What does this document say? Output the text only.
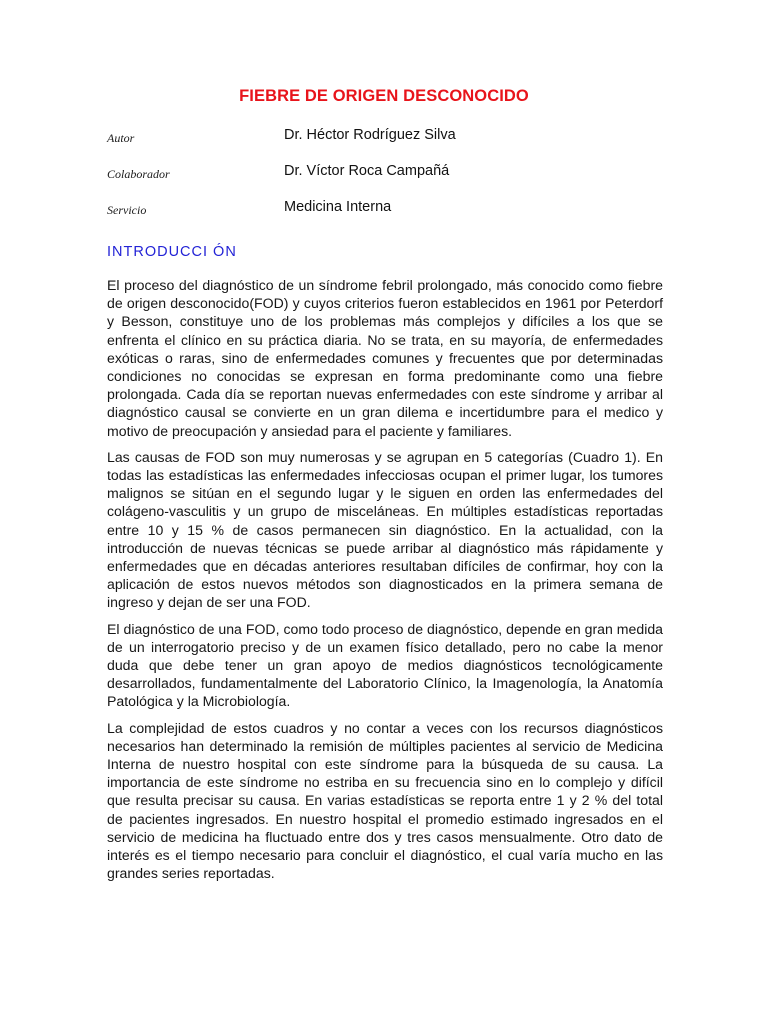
FIEBRE DE ORIGEN DESCONOCIDO
Autor	Dr. Héctor Rodríguez Silva
Colaborador	Dr. Víctor Roca Campañá
Servicio	Medicina Interna
INTRODUCCI ÓN

El proceso del diagnóstico de un síndrome febril prolongado, más conocido como fiebre de origen desconocido(FOD) y cuyos criterios fueron establecidos en 1961 por Peterdorf y Besson, constituye uno de los problemas más complejos y difíciles a los que se enfrenta el clínico en su práctica diaria. No se trata, en su mayoría, de enfermedades exóticas o raras, sino de enfermedades comunes y frecuentes que por determinadas condiciones no conocidas se expresan en forma predominante como una fiebre prolongada. Cada día se reportan nuevas enfermedades con este síndrome y arribar al diagnóstico causal se convierte en un gran dilema e incertidumbre para el medico y motivo de preocupación y ansiedad para el paciente y familiares.

Las causas de FOD son muy numerosas y se agrupan en 5 categorías (Cuadro 1). En todas las estadísticas las enfermedades infecciosas ocupan el primer lugar, los tumores malignos se sitúan en el segundo lugar y le siguen en orden las enfermedades del colágeno-vasculitis y un grupo de misceláneas. En múltiples estadísticas reportadas entre 10 y 15 % de casos permanecen sin diagnóstico. En la actualidad, con la introducción de nuevas técnicas se puede arribar al diagnóstico más rápidamente y enfermedades que en décadas anteriores resultaban difíciles de confirmar, hoy con la aplicación de estos nuevos métodos son diagnosticados en la primera semana de ingreso y dejan de ser una FOD.

El diagnóstico de una FOD, como todo proceso de diagnóstico, depende en gran medida de un interrogatorio preciso y de un examen físico detallado, pero no cabe la menor duda que debe tener un gran apoyo de medios diagnósticos tecnológicamente desarrollados, fundamentalmente del Laboratorio Clínico, la Imagenología, la Anatomía Patológica y la Microbiología.

La complejidad de estos cuadros y no contar a veces con los recursos diagnósticos necesarios han determinado la remisión de múltiples pacientes al servicio de Medicina Interna de nuestro hospital con este síndrome para la búsqueda de su causa. La importancia de este síndrome no estriba en su frecuencia sino en lo complejo y difícil que resulta precisar su causa. En varias estadísticas se reporta entre 1 y 2 % del total de pacientes ingresados. En nuestro hospital el promedio estimado ingresados en el servicio de medicina ha fluctuado entre dos y tres casos mensualmente. Otro dato de interés es el tiempo necesario para concluir el diagnóstico, el cual varía mucho en las grandes series reportadas.
